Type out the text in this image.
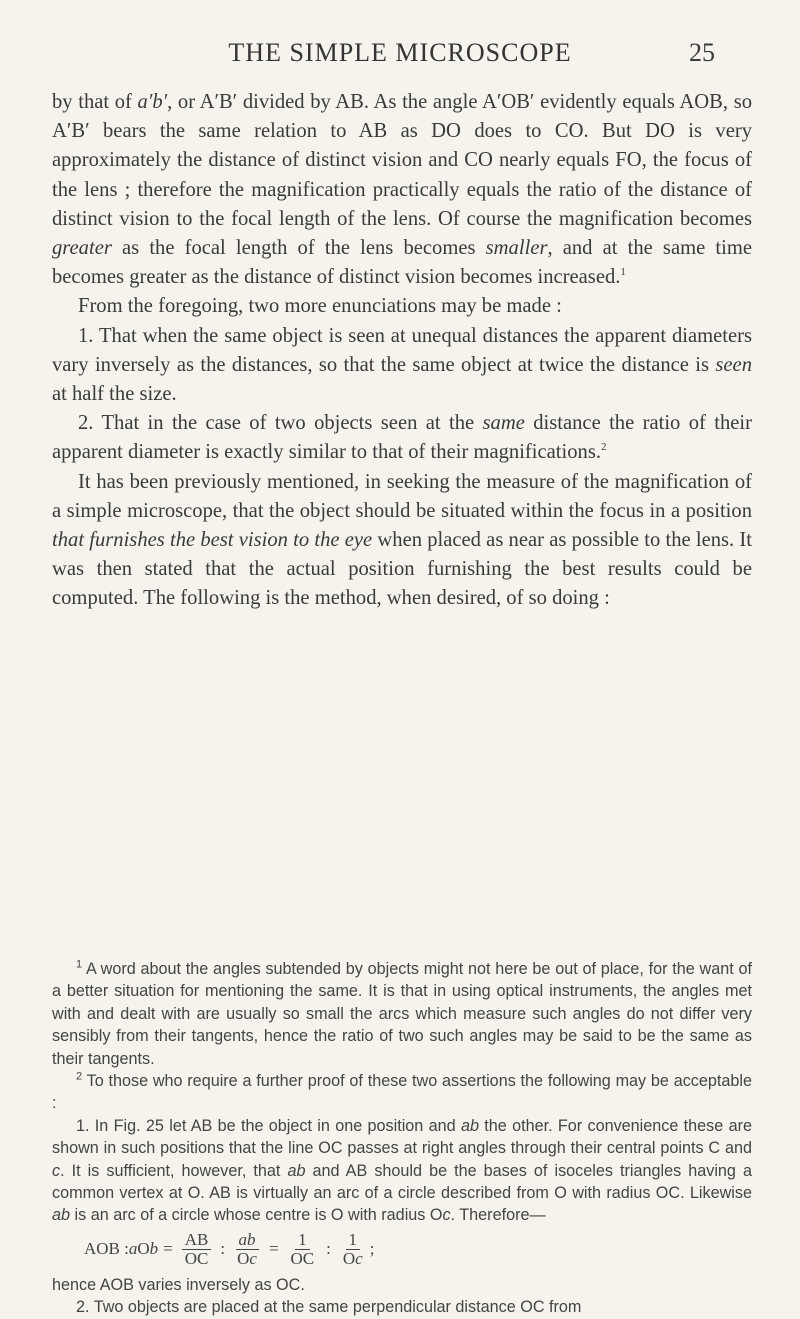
THE SIMPLE MICROSCOPE	25

by that of a′b′, or A′B′ divided by AB. As the angle A′OB′ evidently equals AOB, so A′B′ bears the same relation to AB as DO does to CO. But DO is very approximately the distance of distinct vision and CO nearly equals FO, the focus of the lens ; therefore the magnification practically equals the ratio of the distance of distinct vision to the focal length of the lens. Of course the magnification becomes greater as the focal length of the lens becomes smaller, and at the same time becomes greater as the distance of distinct vision becomes increased.$^1$

From the foregoing, two more enunciations may be made :

1. That when the same object is seen at unequal distances the apparent diameters vary inversely as the distances, so that the same object at twice the distance is seen at half the size.

2. That in the case of two objects seen at the same distance the ratio of their apparent diameter is exactly similar to that of their magnifications.$^2$

It has been previously mentioned, in seeking the measure of the magnification of a simple microscope, that the object should be situated within the focus in a position that furnishes the best vision to the eye when placed as near as possible to the lens. It was then stated that the actual position furnishing the best results could be computed. The following is the method, when desired, of so doing :

$^1$ A word about the angles subtended by objects might not here be out of place, for the want of a better situation for mentioning the same. It is that in using optical instruments, the angles met with and dealt with are usually so small the arcs which measure such angles do not differ very sensibly from their tangents, hence the ratio of two such angles may be said to be the same as their tangents.

$^2$ To those who require a further proof of these two assertions the following may be acceptable :

1. In Fig. 25 let AB be the object in one position and ab the other. For convenience these are shown in such positions that the line OC passes at right angles through their central points C and c. It is sufficient, however, that ab and AB should be the bases of isoceles triangles having a common vertex at O. AB is virtually an arc of a circle described from O with radius OC. Likewise ab is an arc of a circle whose centre is O with radius Oc. Therefore—

AOB : a O $b = \frac{AB}{OC}$ : $\frac{ab}{Oc} = \frac{1}{OC}$ : $\frac{1}{Oc}$ ;

hence AOB varies inversely as OC.

2. Two objects are placed at the same perpendicular distance OC from
